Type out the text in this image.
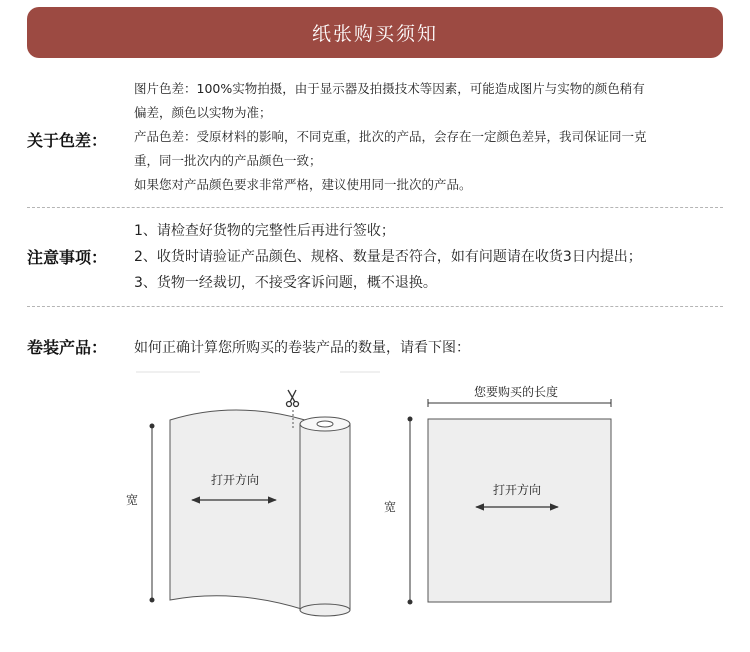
纸张购买须知
关于色差：

图片色差：100%实物拍摄，由于显示器及拍摄技术等因素，可能造成图片与实物的颜色稍有

偏差，颜色以实物为准；

产品色差：受原材料的影响，不同克重，批次的产品，会存在一定颜色差异，我司保证同一克

重，同一批次内的产品颜色一致；

如果您对产品颜色要求非常严格，建议使用同一批次的产品。

注意事项：

1、请检查好货物的完整性后再进行签收；

2、收货时请验证产品颜色、规格、数量是否符合，如有问题请在收货3日内提出；

3、货物一经裁切，不接受客诉问题，概不退换。

卷装产品： 如何正确计算您所购买的卷装产品的数量，请看下图：
宽
打开方向
您要购买的长度
宽
打开方向
